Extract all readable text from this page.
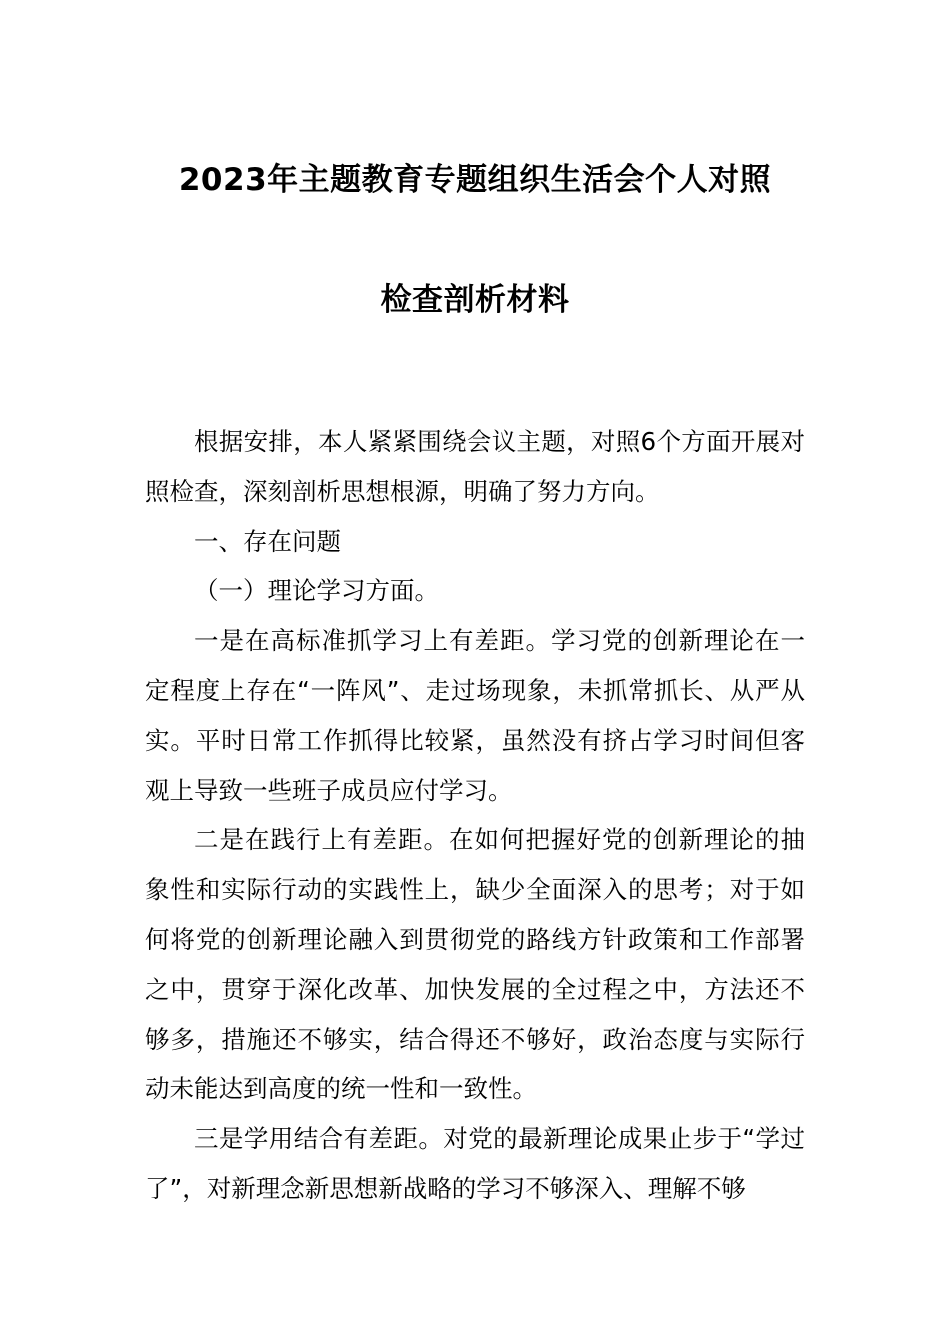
2023年主题教育专题组织生活会个人对照
检查剖析材料

根据安排，本人紧紧围绕会议主题，对照6个方面开展对照检查，深刻剖析思想根源，明确了努力方向。

一、存在问题

（一）理论学习方面。

一是在高标准抓学习上有差距。学习党的创新理论在一定程度上存在“一阵风”、走过场现象，未抓常抓长、从严从实。平时日常工作抓得比较紧，虽然没有挤占学习时间但客观上导致一些班子成员应付学习。

二是在践行上有差距。在如何把握好党的创新理论的抽象性和实际行动的实践性上，缺少全面深入的思考；对于如何将党的创新理论融入到贯彻党的路线方针政策和工作部署之中，贯穿于深化改革、加快发展的全过程之中，方法还不够多，措施还不够实，结合得还不够好，政治态度与实际行动未能达到高度的统一性和一致性。

三是学用结合有差距。对党的最新理论成果止步于“学过了”，对新理念新思想新战略的学习不够深入、理解不够
